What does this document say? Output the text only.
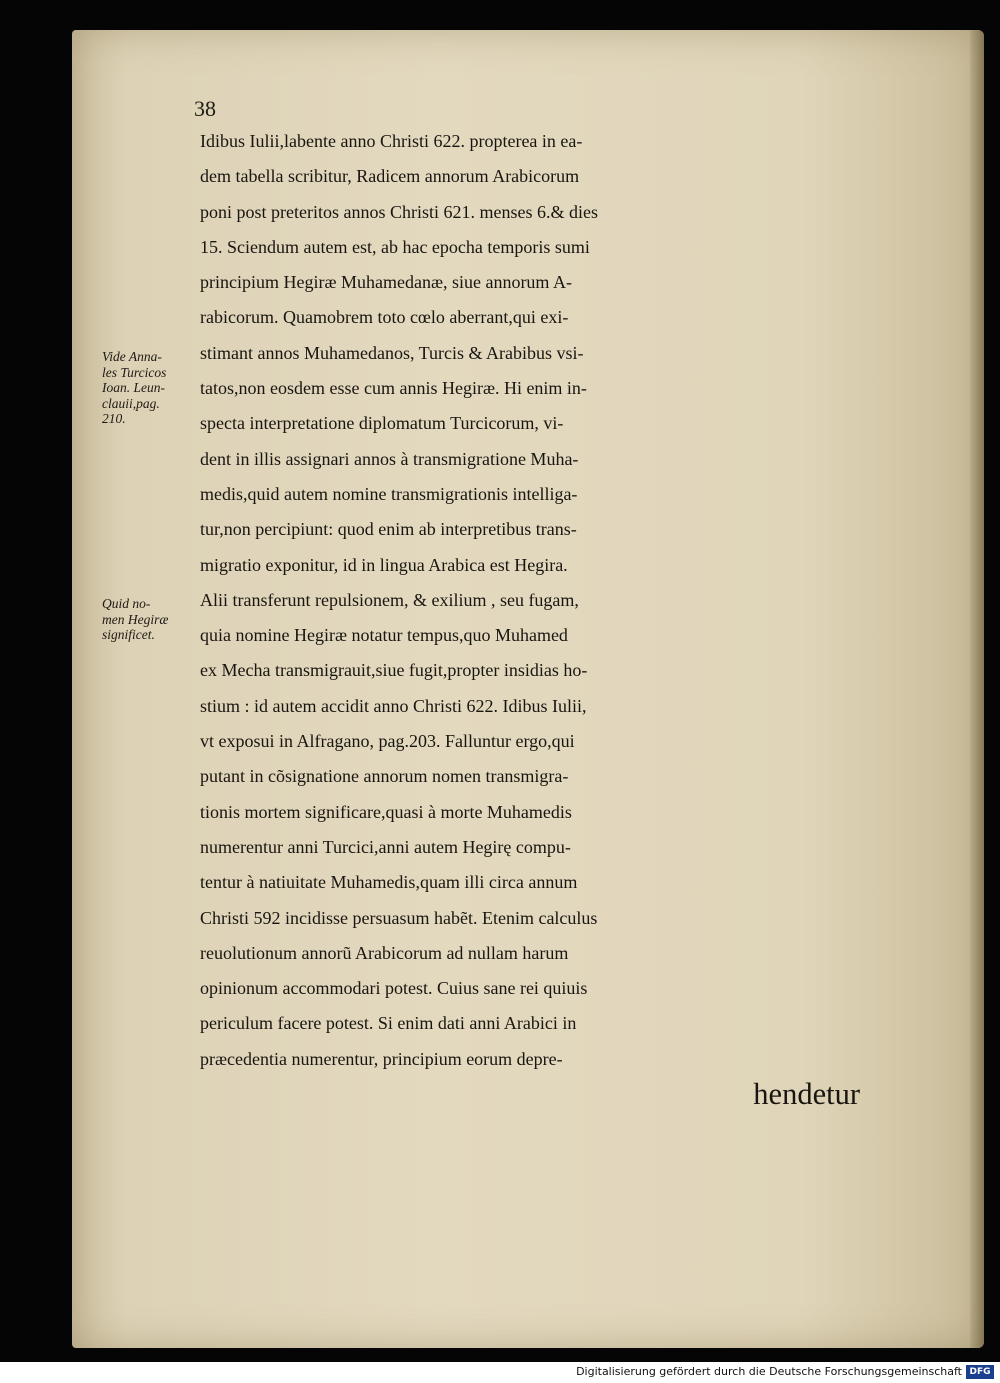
38
Vide Anna-
les Turcicos
Ioan. Leun-
clauii,pag.
210.
Quid no-
men Hegiræ
significet.
Idibus Iulii,labente anno Christi 622. propterea in ea-
dem tabella scribitur, Radicem annorum Arabicorum
poni post preteritos annos Christi 621. menses 6.& dies
15. Sciendum autem est, ab hac epocha temporis sumi
principium Hegiræ Muhamedanæ, siue annorum A-
rabicorum. Quamobrem toto cœlo aberrant,qui exi-
stimant annos Muhamedanos, Turcis & Arabibus vsi-
tatos,non eosdem esse cum annis Hegiræ. Hi enim in-
specta interpretatione diplomatum Turcicorum, vi-
dent in illis assignari annos à transmigratione Muha-
medis,quid autem nomine transmigrationis intelliga-
tur,non percipiunt: quod enim ab interpretibus trans-
migratio exponitur, id in lingua Arabica est Hegira.
Alii transferunt repulsionem, & exilium , seu fugam,
quia nomine Hegiræ notatur tempus,quo Muhamed
ex Mecha transmigrauit,siue fugit,propter insidias ho-
stium : id autem accidit anno Christi 622. Idibus Iulii,
vt exposui in Alfragano, pag.203. Falluntur ergo,qui
putant in cõsignatione annorum nomen transmigra-
tionis mortem significare,quasi à morte Muhamedis
numerentur anni Turcici,anni autem Hegirę compu-
tentur à natiuitate Muhamedis,quam illi circa annum
Christi 592 incidisse persuasum habẽt. Etenim calculus
reuolutionum annorũ Arabicorum ad nullam harum
opinionum accommodari potest. Cuius sane rei quiuis
periculum facere potest. Si enim dati anni Arabici in
præcedentia numerentur, principium eorum depre-
hendetur
Digitalisierung gefördert durch die Deutsche Forschungsgemeinschaft DFG
